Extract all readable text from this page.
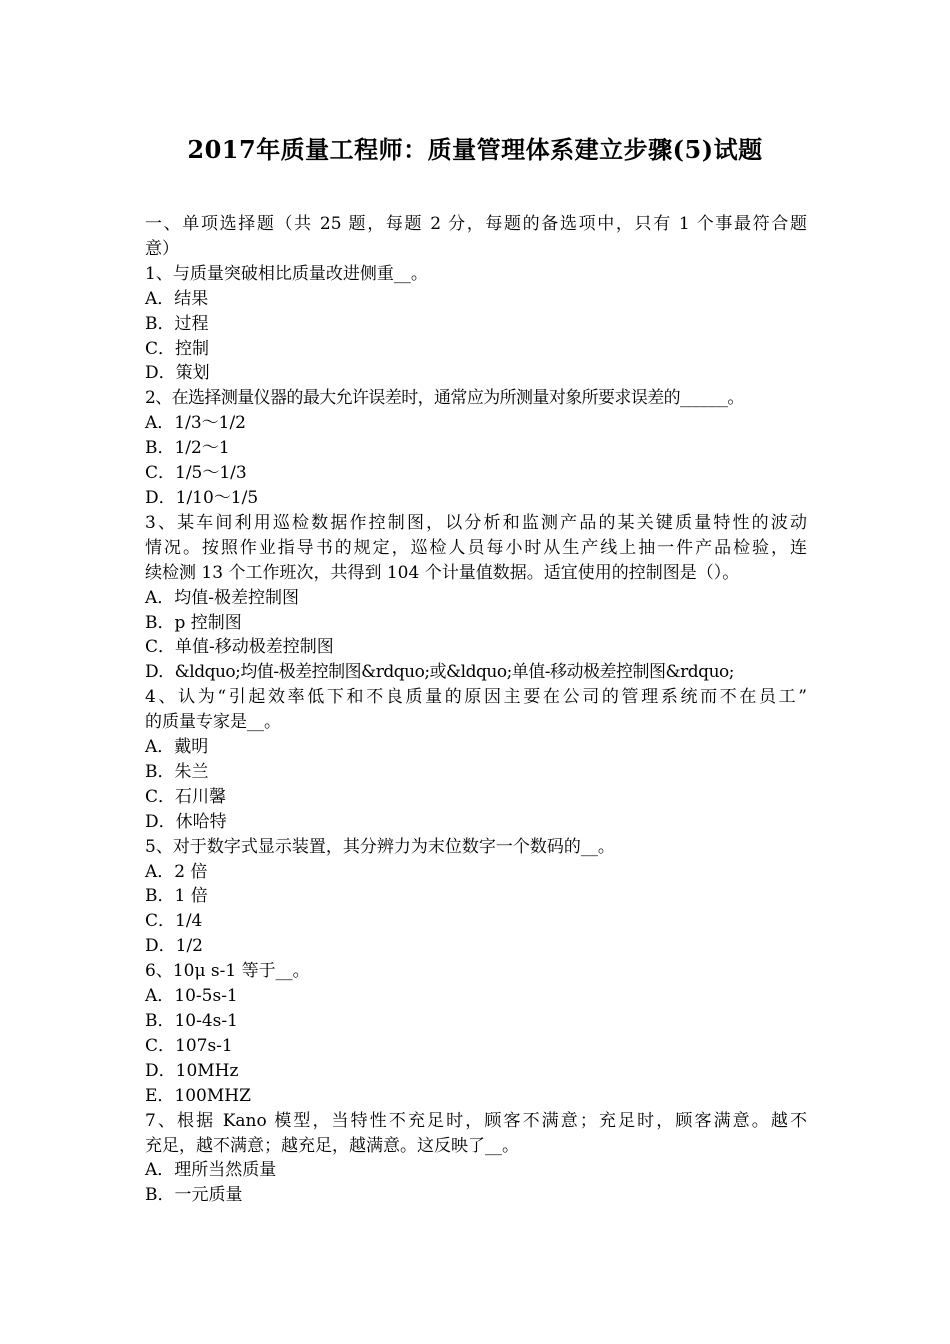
2017年质量工程师：质量管理体系建立步骤(5)试题
一、单项选择题（共 25 题，每题 2 分，每题的备选项中，只有 1 个事最符合题
意）
1、与质量突破相比质量改进侧重__。
A．结果
B．过程
C．控制
D．策划
2、在选择测量仪器的最大允许误差时，通常应为所测量对象所要求误差的______。
A．1/3～1/2
B．1/2～1
C．1/5～1/3
D．1/10～1/5
3、某车间利用巡检数据作控制图，以分析和监测产品的某关键质量特性的波动
情况。按照作业指导书的规定，巡检人员每小时从生产线上抽一件产品检验，连
续检测 13 个工作班次，共得到 104 个计量值数据。适宜使用的控制图是（）。
A．均值-极差控制图
B．p 控制图
C．单值-移动极差控制图
D．&ldquo;均值-极差控制图&rdquo;或&ldquo;单值-移动极差控制图&rdquo;
4、认为“引起效率低下和不良质量的原因主要在公司的管理系统而不在员工”
的质量专家是__。
A．戴明
B．朱兰
C．石川馨
D．休哈特
5、对于数字式显示装置，其分辨力为末位数字一个数码的__。
A．2 倍
B．1 倍
C．1/4
D．1/2
6、10μ s-1 等于__。
A．10-5s-1
B．10-4s-1
C．107s-1
D．10MHz
E．100MHZ
7、根据 Kano 模型，当特性不充足时，顾客不满意；充足时，顾客满意。越不
充足，越不满意；越充足，越满意。这反映了__。
A．理所当然质量
B．一元质量
